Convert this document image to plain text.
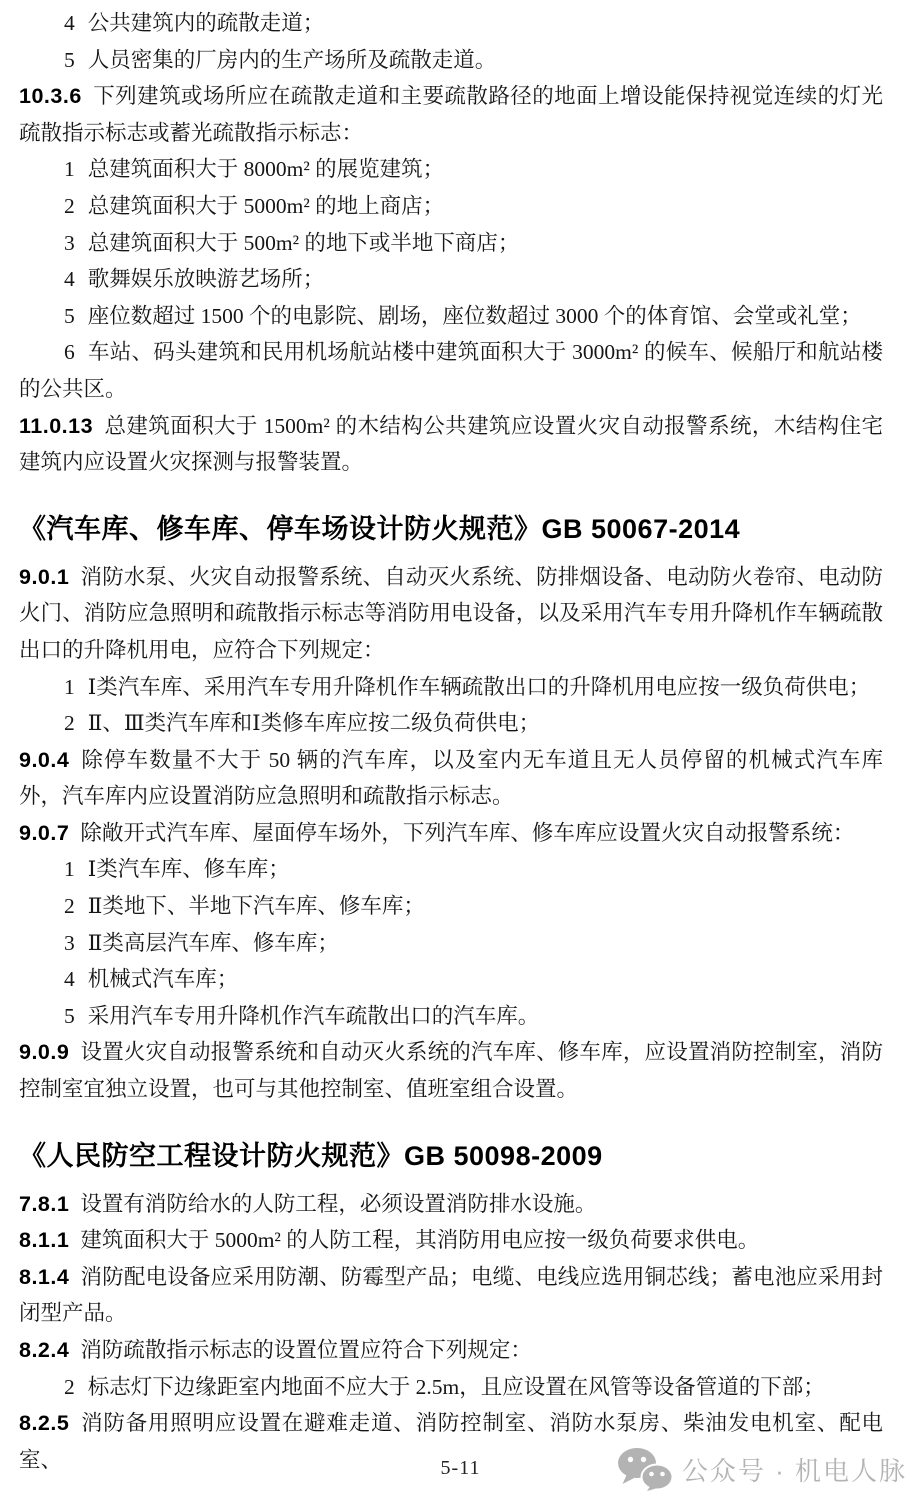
4 公共建筑内的疏散走道；

5 人员密集的厂房内的生产场所及疏散走道。

10.3.6 下列建筑或场所应在疏散走道和主要疏散路径的地面上增设能保持视觉连续的灯光疏散指示标志或蓄光疏散指示标志：

1 总建筑面积大于 8000m² 的展览建筑；

2 总建筑面积大于 5000m² 的地上商店；

3 总建筑面积大于 500m² 的地下或半地下商店；

4 歌舞娱乐放映游艺场所；

5 座位数超过 1500 个的电影院、剧场，座位数超过 3000 个的体育馆、会堂或礼堂；

6 车站、码头建筑和民用机场航站楼中建筑面积大于 3000m² 的候车、候船厅和航站楼的公共区。

11.0.13 总建筑面积大于 1500m² 的木结构公共建筑应设置火灾自动报警系统，木结构住宅建筑内应设置火灾探测与报警装置。

《汽车库、修车库、停车场设计防火规范》GB 50067-2014

9.0.1 消防水泵、火灾自动报警系统、自动灭火系统、防排烟设备、电动防火卷帘、电动防火门、消防应急照明和疏散指示标志等消防用电设备，以及采用汽车专用升降机作车辆疏散出口的升降机用电，应符合下列规定：

1 Ⅰ类汽车库、采用汽车专用升降机作车辆疏散出口的升降机用电应按一级负荷供电；

2 Ⅱ、Ⅲ类汽车库和Ⅰ类修车库应按二级负荷供电；

9.0.4 除停车数量不大于 50 辆的汽车库，以及室内无车道且无人员停留的机械式汽车库外，汽车库内应设置消防应急照明和疏散指示标志。

9.0.7 除敞开式汽车库、屋面停车场外，下列汽车库、修车库应设置火灾自动报警系统：

1 Ⅰ类汽车库、修车库；

2 Ⅱ类地下、半地下汽车库、修车库；

3 Ⅱ类高层汽车库、修车库；

4 机械式汽车库；

5 采用汽车专用升降机作汽车疏散出口的汽车库。

9.0.9 设置火灾自动报警系统和自动灭火系统的汽车库、修车库，应设置消防控制室，消防控制室宜独立设置，也可与其他控制室、值班室组合设置。

《人民防空工程设计防火规范》GB 50098-2009

7.8.1 设置有消防给水的人防工程，必须设置消防排水设施。

8.1.1 建筑面积大于 5000m² 的人防工程，其消防用电应按一级负荷要求供电。

8.1.4 消防配电设备应采用防潮、防霉型产品；电缆、电线应选用铜芯线；蓄电池应采用封闭型产品。

8.2.4 消防疏散指示标志的设置位置应符合下列规定：

2 标志灯下边缘距室内地面不应大于 2.5m，且应设置在风管等设备管道的下部；

8.2.5 消防备用照明应设置在避难走道、消防控制室、消防水泵房、柴油发电机室、配电室、	5-11	公众号 · 机电人脉
